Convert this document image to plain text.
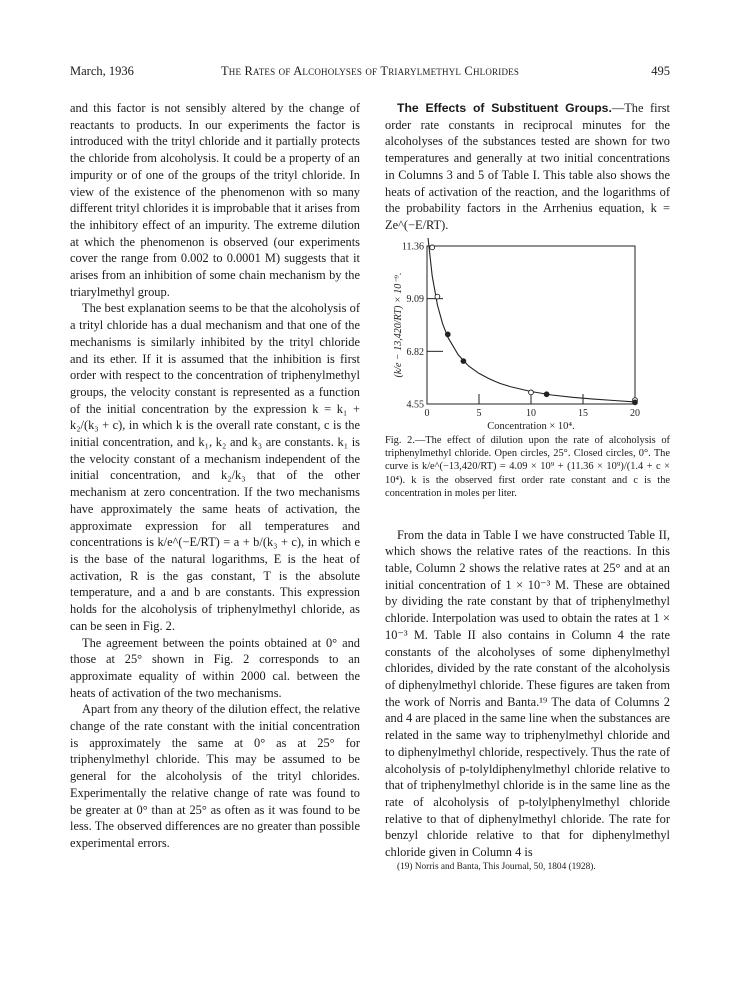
March, 1936	The Rates of Alcoholyses of Triarylmethyl Chlorides	495

and this factor is not sensibly altered by the change of reactants to products. In our experiments the factor is introduced with the trityl chloride and it partially protects the chloride from alcoholysis. It could be a property of an impurity or of one of the groups of the trityl chloride. In view of the existence of the phenomenon with so many different trityl chlorides it is improbable that it arises from the inhibitory effect of an impurity. The extreme dilution at which the phenomenon is observed (our experiments cover the range from 0.002 to 0.0001 M) suggests that it arises from an inhibition of some chain mechanism by the triarylmethyl group.

The best explanation seems to be that the alcoholysis of a trityl chloride has a dual mechanism and that one of the mechanisms is similarly inhibited by the trityl chloride and its ether. If it is assumed that the inhibition is first order with respect to the concentration of triphenylmethyl groups, the velocity constant is represented as a function of the initial concentration by the expression k = k₁ + k₂/(k₃ + c), in which k is the overall rate constant, c is the initial concentration, and k₁, k₂ and k₃ are constants. k₁ is the velocity constant of a mechanism independent of the initial concentration, and k₂/k₃ that of the other mechanism at zero concentration. If the two mechanisms have approximately the same heats of activation, the approximate expression for all temperatures and concentrations is k/e^(−E/RT) = a + b/(k₃ + c), in which e is the base of the natural logarithms, E is the heat of activation, R is the gas constant, T is the absolute temperature, and a and b are constants. This expression holds for the alcoholysis of triphenylmethyl chloride, as can be seen in Fig. 2.

The agreement between the points obtained at 0° and those at 25° shown in Fig. 2 corresponds to an approximate equality of within 2000 cal. between the heats of activation of the two mechanisms.

Apart from any theory of the dilution effect, the relative change of the rate constant with the initial concentration is approximately the same at 0° as at 25° for triphenylmethyl chloride. This may be assumed to be general for the alcoholysis of the trityl chlorides. Experimentally the relative change of rate was found to be greater at 0° than at 25° as often as it was found to be less. The observed differences are no greater than possible experimental errors.

The Effects of Substituent Groups.—The first order rate constants in reciprocal minutes for the alcoholyses of the substances tested are shown for two temperatures and generally at two initial concentrations in Columns 3 and 5 of Table I. This table also shows the heats of activation of the reaction, and the logarithms of the probability factors in the Arrhenius equation, k = Ze^(−E/RT).

4.55
6.82
9.09
11.36
0	5	10	15	20
Concentration × 10⁴.
(k/e − 13,420/RT) × 10⁻⁹.

Fig. 2.—The effect of dilution upon the rate of alcoholysis of triphenylmethyl chloride. Open circles, 25°. Closed circles, 0°. The curve is k/e^(−13,420/RT) = 4.09 × 10⁹ + (11.36 × 10⁹)/(1.4 + c × 10⁴). k is the observed first order rate constant and c is the concentration in moles per liter.

From the data in Table I we have constructed Table II, which shows the relative rates of the reactions. In this table, Column 2 shows the relative rates at 25° and at an initial concentration of 1 × 10⁻³ M. These are obtained by dividing the rate constant by that of triphenylmethyl chloride. Interpolation was used to obtain the rates at 1 × 10⁻³ M. Table II also contains in Column 4 the rate constants of the alcoholyses of some diphenylmethyl chlorides, divided by the rate constant of the alcoholysis of diphenylmethyl chloride. These figures are taken from the work of Norris and Banta.¹⁹ The data of Columns 2 and 4 are placed in the same line when the substances are related in the same way to triphenylmethyl chloride and to diphenylmethyl chloride, respectively. Thus the rate of alcoholysis of p-tolyldiphenylmethyl chloride relative to that of triphenylmethyl chloride is in the same line as the rate of alcoholysis of p-tolylphenylmethyl chloride relative to that of diphenylmethyl chloride. The rate for benzyl chloride relative to that for diphenylmethyl chloride given in Column 4 is

(19) Norris and Banta, This Journal, 50, 1804 (1928).
